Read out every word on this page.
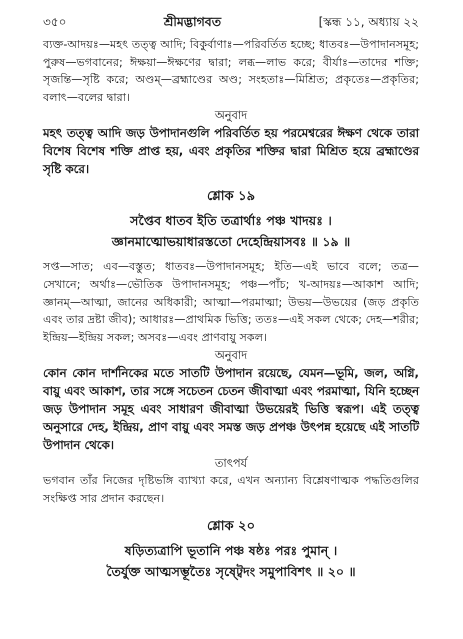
৩৫০	শ্রীমদ্ভাগবত	[স্কন্ধ ১১, অধ্যায় ২২

ব্যক্ত-আদয়ঃ—মহৎ তত্ত্ব আদি; বিকুর্বাণাঃ—পরিবর্তিত হচ্ছে; ধাতবঃ—উপাদানসমূহ; পুরুষ—ভগবানের; ঈক্ষয়া—ঈক্ষণের দ্বারা; লব্ধ—লাভ করে; বীর্যাঃ—তাদের শক্তি; সৃজন্তি—সৃষ্টি করে; অণ্ডম্—ব্রহ্মাণ্ডের অণ্ড; সংহতাঃ—মিশ্রিত; প্রকৃতেঃ—প্রকৃতির; বলাৎ—বলের দ্বারা।

অনুবাদ

মহৎ তত্ত্ব আদি জড় উপাদানগুলি পরিবর্তিত হয় পরমেশ্বরের ঈক্ষণ থেকে তারা বিশেষ বিশেষ শক্তি প্রাপ্ত হয়, এবং প্রকৃতির শক্তির দ্বারা মিশ্রিত হয়ে ব্রহ্মাণ্ডের সৃষ্টি করে।

শ্লোক ১৯

সপ্তৈব ধাতব ইতি তত্রার্থাঃ পঞ্চ খাদয়ঃ ।

জ্ঞানমাত্মোভয়াধারস্ততো দেহেন্দ্রিয়াসবঃ ॥ ১৯ ॥

সপ্ত—সাত; এব—বস্তুত; ধাতবঃ—উপাদানসমূহ; ইতি—এই ভাবে বলে; তত্র—সেখানে; অর্থাঃ—ভৌতিক উপাদানসমূহ; পঞ্চ—পাঁচ; খ-আদয়ঃ—আকাশ আদি; জ্ঞানম্—আত্মা, জানের অধিকারী; আত্মা—পরমাত্মা; উভয়—উভয়ের (জড় প্রকৃতি এবং তার দ্রষ্টা জীব); আধারঃ—প্রাথমিক ভিত্তি; ততঃ—এই সকল থেকে; দেহ—শরীর; ইন্দ্রিয়—ইন্দ্রিয় সকল; অসবঃ—এবং প্রাণবায়ু সকল।

অনুবাদ

কোন কোন দার্শনিকের মতে সাতটি উপাদান রয়েছে, যেমন—ভূমি, জল, অগ্নি, বায়ু এবং আকাশ, তার সঙ্গে সচেতন চেতন জীবাত্মা এবং পরমাত্মা, যিনি হচ্ছেন জড় উপাদান সমূহ এবং সাধারণ জীবাত্মা উভয়েরই ভিত্তি স্বরূপ। এই তত্ত্ব অনুসারে দেহ, ইন্দ্রিয়, প্রাণ বায়ু এবং সমস্ত জড় প্রপঞ্চ উৎপন্ন হয়েছে এই সাতটি উপাদান থেকে।

তাৎপর্য

ভগবান তাঁর নিজের দৃষ্টিভঙ্গি ব্যাখ্যা করে, এখন অন্যান্য বিশ্লেষণাত্মক পদ্ধতিগুলির সংক্ষিপ্ত সার প্রদান করছেন।

শ্লোক ২০

ষড়িত্যত্রাপি ভূতানি পঞ্চ ষষ্ঠঃ পরঃ পুমান্ ।

তৈর্যুক্ত আত্মসম্ভূতৈঃ সৃষ্ট্বেদং সমুপাবিশৎ ॥ ২০ ॥
